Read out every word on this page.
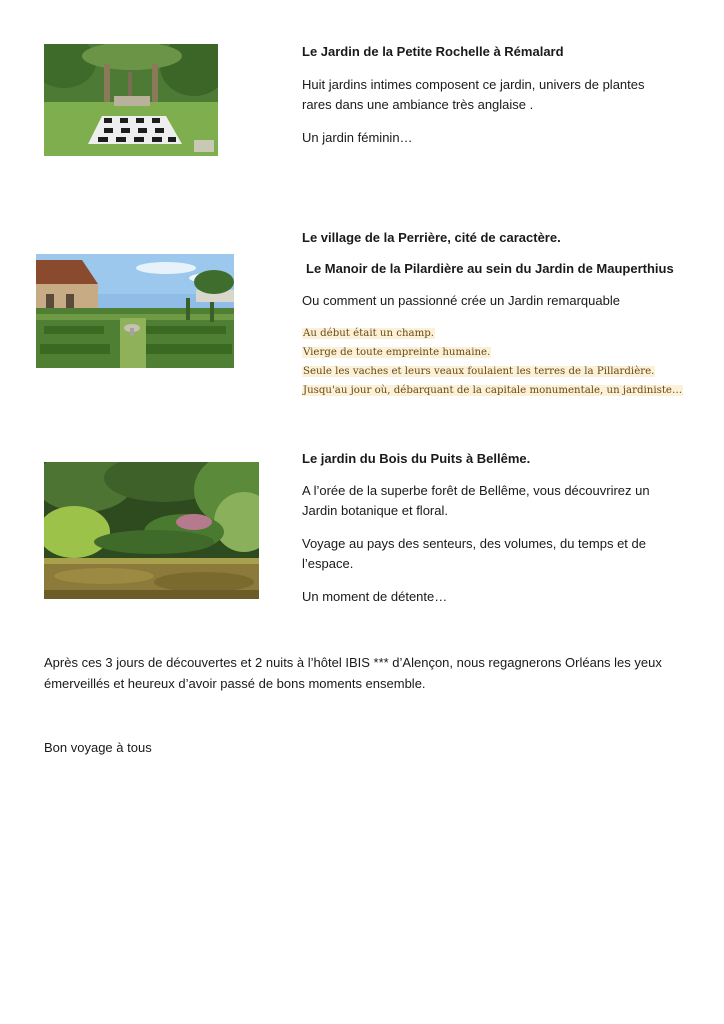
Le Jardin de la Petite Rochelle à Rémalard

Huit jardins intimes composent ce jardin, univers de plantes

rares dans une ambiance très anglaise .

Un jardin féminin…

Le village de la Perrière, cité de caractère.
Le Manoir de la Pilardière au sein du Jardin de Mauperthius

Ou comment un passionné crée un Jardin remarquable

Au début était un champ.
Vierge de toute empreinte humaine.
Seule les vaches et leurs veaux foulaient les terres de la Pillardière.
Jusqu'au jour où, débarquant de la capitale monumentale, un jardiniste…
Le jardin du Bois du Puits à Bellême.

A l’orée de la superbe forêt de Bellême, vous découvrirez un

Jardin botanique et floral.

Voyage au pays des senteurs, des volumes, du temps et de

l’espace.

Un moment de détente…

Après ces 3 jours de découvertes et 2 nuits à l’hôtel IBIS *** d’Alençon, nous regagnerons Orléans les yeux

émerveillés et heureux d’avoir passé de bons moments ensemble.

Bon voyage à tous
